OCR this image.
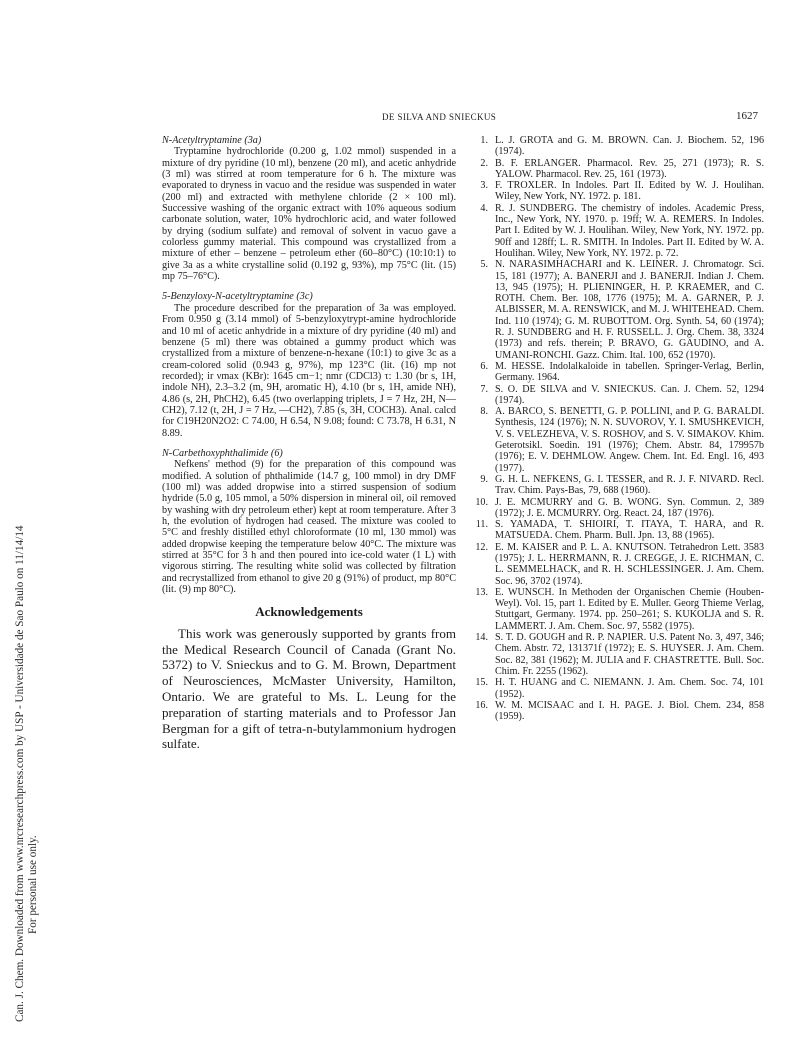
Can. J. Chem. Downloaded from www.nrcresearchpress.com by USP - Universidade de Sao Paulo on 11/14/14 For personal use only.
DE SILVA AND SNIECKUS	1627

N-Acetyltryptamine (3a)

Tryptamine hydrochloride (0.200 g, 1.02 mmol) suspended in a mixture of dry pyridine (10 ml), benzene (20 ml), and acetic anhydride (3 ml) was stirred at room temperature for 6 h. The mixture was evaporated to dryness in vacuo and the residue was suspended in water (200 ml) and extracted with methylene chloride (2 × 100 ml). Successive washing of the organic extract with 10% aqueous sodium carbonate solution, water, 10% hydrochloric acid, and water followed by drying (sodium sulfate) and removal of solvent in vacuo gave a colorless gummy material. This compound was crystallized from a mixture of ether – benzene – petroleum ether (60–80°C) (10:10:1) to give 3a as a white crystalline solid (0.192 g, 93%), mp 75°C (lit. (15) mp 75–76°C).

5-Benzyloxy-N-acetyltryptamine (3c)

The procedure described for the preparation of 3a was employed. From 0.950 g (3.14 mmol) of 5-benzyloxytrypt-amine hydrochloride and 10 ml of acetic anhydride in a mixture of dry pyridine (40 ml) and benzene (5 ml) there was obtained a gummy product which was crystallized from a mixture of benzene-n-hexane (10:1) to give 3c as a cream-colored solid (0.943 g, 97%), mp 123°C (lit. (16) mp not recorded); ir νmax (KBr): 1645 cm−1; nmr (CDCl3) τ: 1.30 (br s, 1H, indole NH), 2.3–3.2 (m, 9H, aromatic H), 4.10 (br s, 1H, amide NH), 4.86 (s, 2H, PhCH2), 6.45 (two overlapping triplets, J = 7 Hz, 2H, N—CH2), 7.12 (t, 2H, J = 7 Hz, —CH2), 7.85 (s, 3H, COCH3). Anal. calcd for C19H20N2O2: C 74.00, H 6.54, N 9.08; found: C 73.78, H 6.31, N 8.89.

N-Carbethoxyphthalimide (6)

Nefkens' method (9) for the preparation of this compound was modified. A solution of phthalimide (14.7 g, 100 mmol) in dry DMF (100 ml) was added dropwise into a stirred suspension of sodium hydride (5.0 g, 105 mmol, a 50% dispersion in mineral oil, oil removed by washing with dry petroleum ether) kept at room temperature. After 3 h, the evolution of hydrogen had ceased. The mixture was cooled to 5°C and freshly distilled ethyl chloroformate (10 ml, 130 mmol) was added dropwise keeping the temperature below 40°C. The mixture was stirred at 35°C for 3 h and then poured into ice-cold water (1 L) with vigorous stirring. The resulting white solid was collected by filtration and recrystallized from ethanol to give 20 g (91%) of product, mp 80°C (lit. (9) mp 80°C).

Acknowledgements

This work was generously supported by grants from the Medical Research Council of Canada (Grant No. 5372) to V. Snieckus and to G. M. Brown, Department of Neurosciences, McMaster University, Hamilton, Ontario. We are grateful to Ms. L. Leung for the preparation of starting materials and to Professor Jan Bergman for a gift of tetra-n-butylammonium hydrogen sulfate.

1. L. J. GROTA and G. M. BROWN. Can. J. Biochem. 52, 196 (1974).
2. B. F. ERLANGER. Pharmacol. Rev. 25, 271 (1973); R. S. YALOW. Pharmacol. Rev. 25, 161 (1973).
3. F. TROXLER. In Indoles. Part II. Edited by W. J. Houlihan. Wiley, New York, NY. 1972. p. 181.
4. R. J. SUNDBERG. The chemistry of indoles. Academic Press, Inc., New York, NY. 1970. p. 19ff; W. A. REMERS. In Indoles. Part I. Edited by W. J. Houlihan. Wiley, New York, NY. 1972. pp. 90ff and 128ff; L. R. SMITH. In Indoles. Part II. Edited by W. A. Houlihan. Wiley, New York, NY. 1972. p. 72.
5. N. NARASIMHACHARI and K. LEINER. J. Chromatogr. Sci. 15, 181 (1977); A. BANERJI and J. BANERJI. Indian J. Chem. 13, 945 (1975); H. PLIENINGER, H. P. KRAEMER, and C. ROTH. Chem. Ber. 108, 1776 (1975); M. A. GARNER, P. J. ALBISSER, M. A. RENSWICK, and M. J. WHITEHEAD. Chem. Ind. 110 (1974); G. M. RUBOTTOM. Org. Synth. 54, 60 (1974); R. J. SUNDBERG and H. F. RUSSELL. J. Org. Chem. 38, 3324 (1973) and refs. therein; P. BRAVO, G. GAUDINO, and A. UMANI-RONCHI. Gazz. Chim. Ital. 100, 652 (1970).
6. M. HESSE. Indolalkaloide in tabellen. Springer-Verlag, Berlin, Germany. 1964.
7. S. O. DE SILVA and V. SNIECKUS. Can. J. Chem. 52, 1294 (1974).
8. A. BARCO, S. BENETTI, G. P. POLLINI, and P. G. BARALDI. Synthesis, 124 (1976); N. N. SUVOROV, Y. I. SMUSHKEVICH, V. S. VELEZHEVA, V. S. ROSHOV, and S. V. SIMAKOV. Khim. Geterotsikl. Soedin. 191 (1976); Chem. Abstr. 84, 179957b (1976); E. V. DEHMLOW. Angew. Chem. Int. Ed. Engl. 16, 493 (1977).
9. G. H. L. NEFKENS, G. I. TESSER, and R. J. F. NIVARD. Recl. Trav. Chim. Pays-Bas, 79, 688 (1960).
10. J. E. MCMURRY and G. B. WONG. Syn. Commun. 2, 389 (1972); J. E. MCMURRY. Org. React. 24, 187 (1976).
11. S. YAMADA, T. SHIOIRI, T. ITAYA, T. HARA, and R. MATSUEDA. Chem. Pharm. Bull. Jpn. 13, 88 (1965).
12. E. M. KAISER and P. L. A. KNUTSON. Tetrahedron Lett. 3583 (1975); J. L. HERRMANN, R. J. CREGGE, J. E. RICHMAN, C. L. SEMMELHACK, and R. H. SCHLESSINGER. J. Am. Chem. Soc. 96, 3702 (1974).
13. E. WUNSCH. In Methoden der Organischen Chemie (Houben-Weyl). Vol. 15, part 1. Edited by E. Muller. Georg Thieme Verlag, Stuttgart, Germany. 1974. pp. 250–261; S. KUKOLJA and S. R. LAMMERT. J. Am. Chem. Soc. 97, 5582 (1975).
14. S. T. D. GOUGH and R. P. NAPIER. U.S. Patent No. 3, 497, 346; Chem. Abstr. 72, 131371f (1972); E. S. HUYSER. J. Am. Chem. Soc. 82, 381 (1962); M. JULIA and F. CHASTRETTE. Bull. Soc. Chim. Fr. 2255 (1962).
15. H. T. HUANG and C. NIEMANN. J. Am. Chem. Soc. 74, 101 (1952).
16. W. M. MCISAAC and I. H. PAGE. J. Biol. Chem. 234, 858 (1959).
